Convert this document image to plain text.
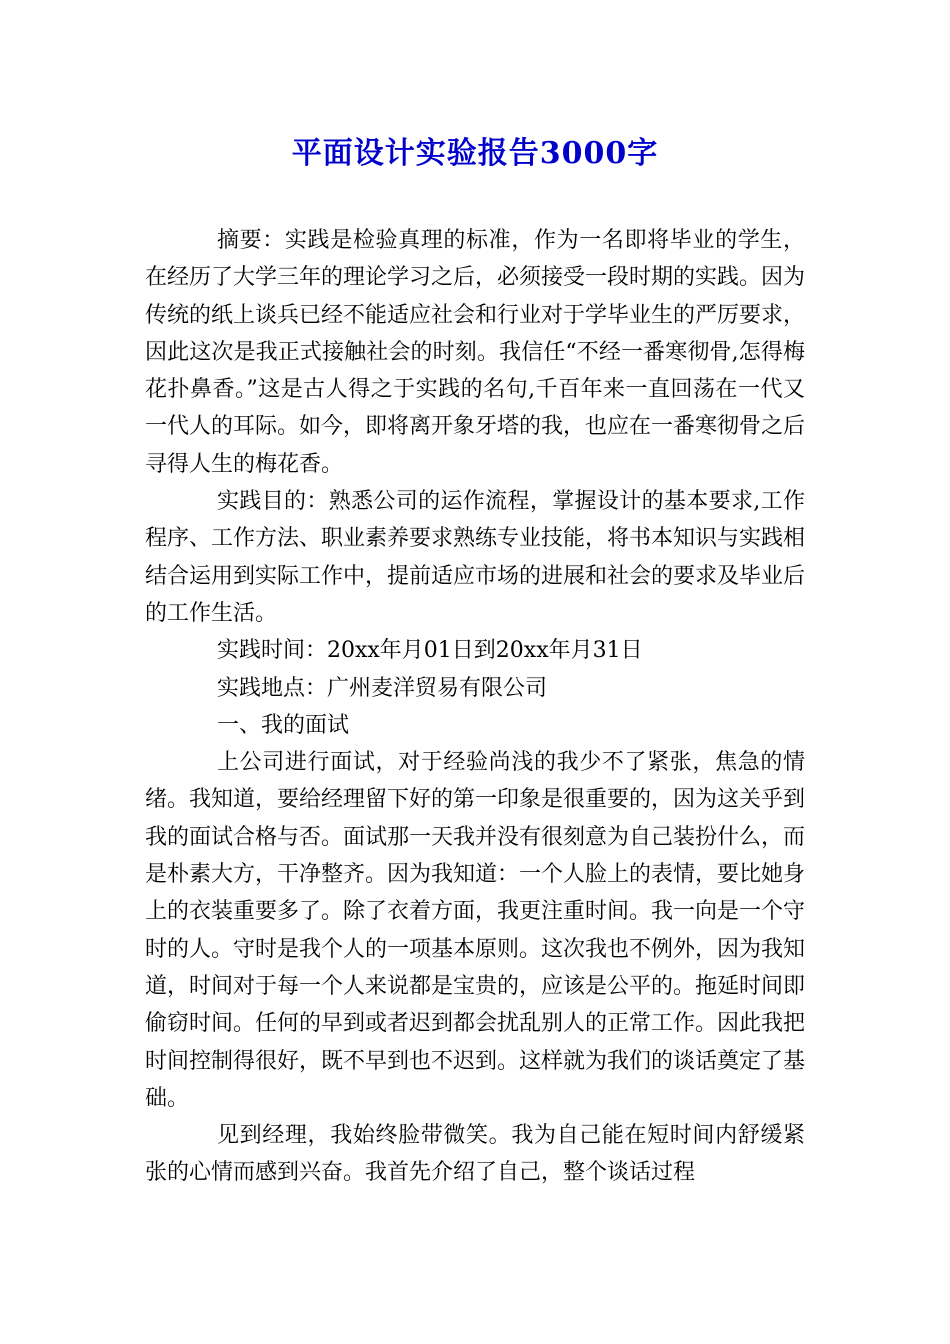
平面设计实验报告3000字

摘要：实践是检验真理的标准，作为一名即将毕业的学生，在经历了大学三年的理论学习之后，必须接受一段时期的实践。因为传统的纸上谈兵已经不能适应社会和行业对于学毕业生的严厉要求，因此这次是我正式接触社会的时刻。我信任“不经一番寒彻骨,怎得梅花扑鼻香。”这是古人得之于实践的名句,千百年来一直回荡在一代又一代人的耳际。如今，即将离开象牙塔的我，也应在一番寒彻骨之后寻得人生的梅花香。

实践目的：熟悉公司的运作流程，掌握设计的基本要求,工作程序、工作方法、职业素养要求熟练专业技能，将书本知识与实践相结合运用到实际工作中，提前适应市场的进展和社会的要求及毕业后的工作生活。

实践时间：20xx年月01日到20xx年月31日

实践地点：广州麦洋贸易有限公司

一、我的面试

上公司进行面试，对于经验尚浅的我少不了紧张，焦急的情绪。我知道，要给经理留下好的第一印象是很重要的，因为这关乎到我的面试合格与否。面试那一天我并没有很刻意为自己装扮什么，而是朴素大方，干净整齐。因为我知道：一个人脸上的表情，要比她身上的衣装重要多了。除了衣着方面，我更注重时间。我一向是一个守时的人。守时是我个人的一项基本原则。这次我也不例外，因为我知道，时间对于每一个人来说都是宝贵的，应该是公平的。拖延时间即偷窃时间。任何的早到或者迟到都会扰乱别人的正常工作。因此我把时间控制得很好，既不早到也不迟到。这样就为我们的谈话奠定了基础。

见到经理，我始终脸带微笑。我为自己能在短时间内舒缓紧张的心情而感到兴奋。我首先介绍了自己，整个谈话过程
